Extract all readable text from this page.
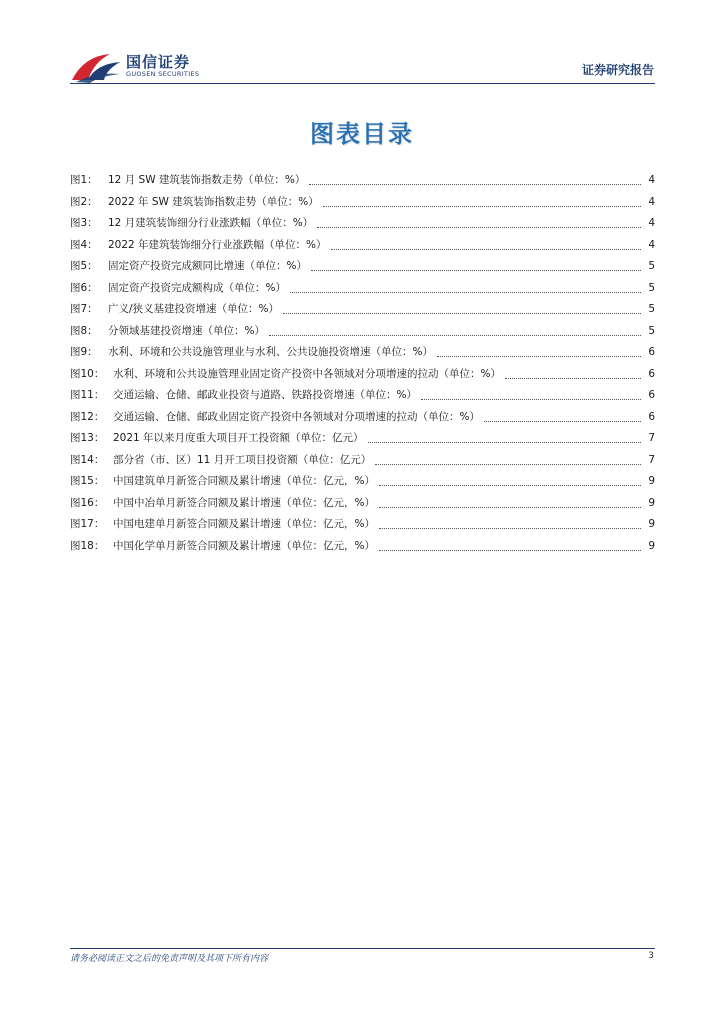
国信证券
GUOSEN SECURITIES	证券研究报告
图表目录
图1： 12 月 SW 建筑装饰指数走势（单位：%）	4
图2： 2022 年 SW 建筑装饰指数走势（单位：%）	4
图3： 12 月建筑装饰细分行业涨跌幅（单位：%）	4
图4： 2022 年建筑装饰细分行业涨跌幅（单位：%）	4
图5： 固定资产投资完成额同比增速（单位：%）	5
图6： 固定资产投资完成额构成（单位：%）	5
图7： 广义/狭义基建投资增速（单位：%）	5
图8： 分领域基建投资增速（单位：%）	5
图9： 水利、环境和公共设施管理业与水利、公共设施投资增速（单位：%）	6
图10： 水利、环境和公共设施管理业固定资产投资中各领域对分项增速的拉动（单位：%）	6
图11： 交通运输、仓储、邮政业投资与道路、铁路投资增速（单位：%）	6
图12： 交通运输、仓储、邮政业固定资产投资中各领域对分项增速的拉动（单位：%）	6
图13： 2021 年以来月度重大项目开工投资额（单位：亿元）	7
图14： 部分省（市、区）11 月开工项目投资额（单位：亿元）	7
图15： 中国建筑单月新签合同额及累计增速（单位：亿元，%）	9
图16： 中国中冶单月新签合同额及累计增速（单位：亿元，%）	9
图17： 中国电建单月新签合同额及累计增速（单位：亿元，%）	9
图18： 中国化学单月新签合同额及累计增速（单位：亿元，%）	9
请务必阅读正文之后的免责声明及其项下所有内容	3
